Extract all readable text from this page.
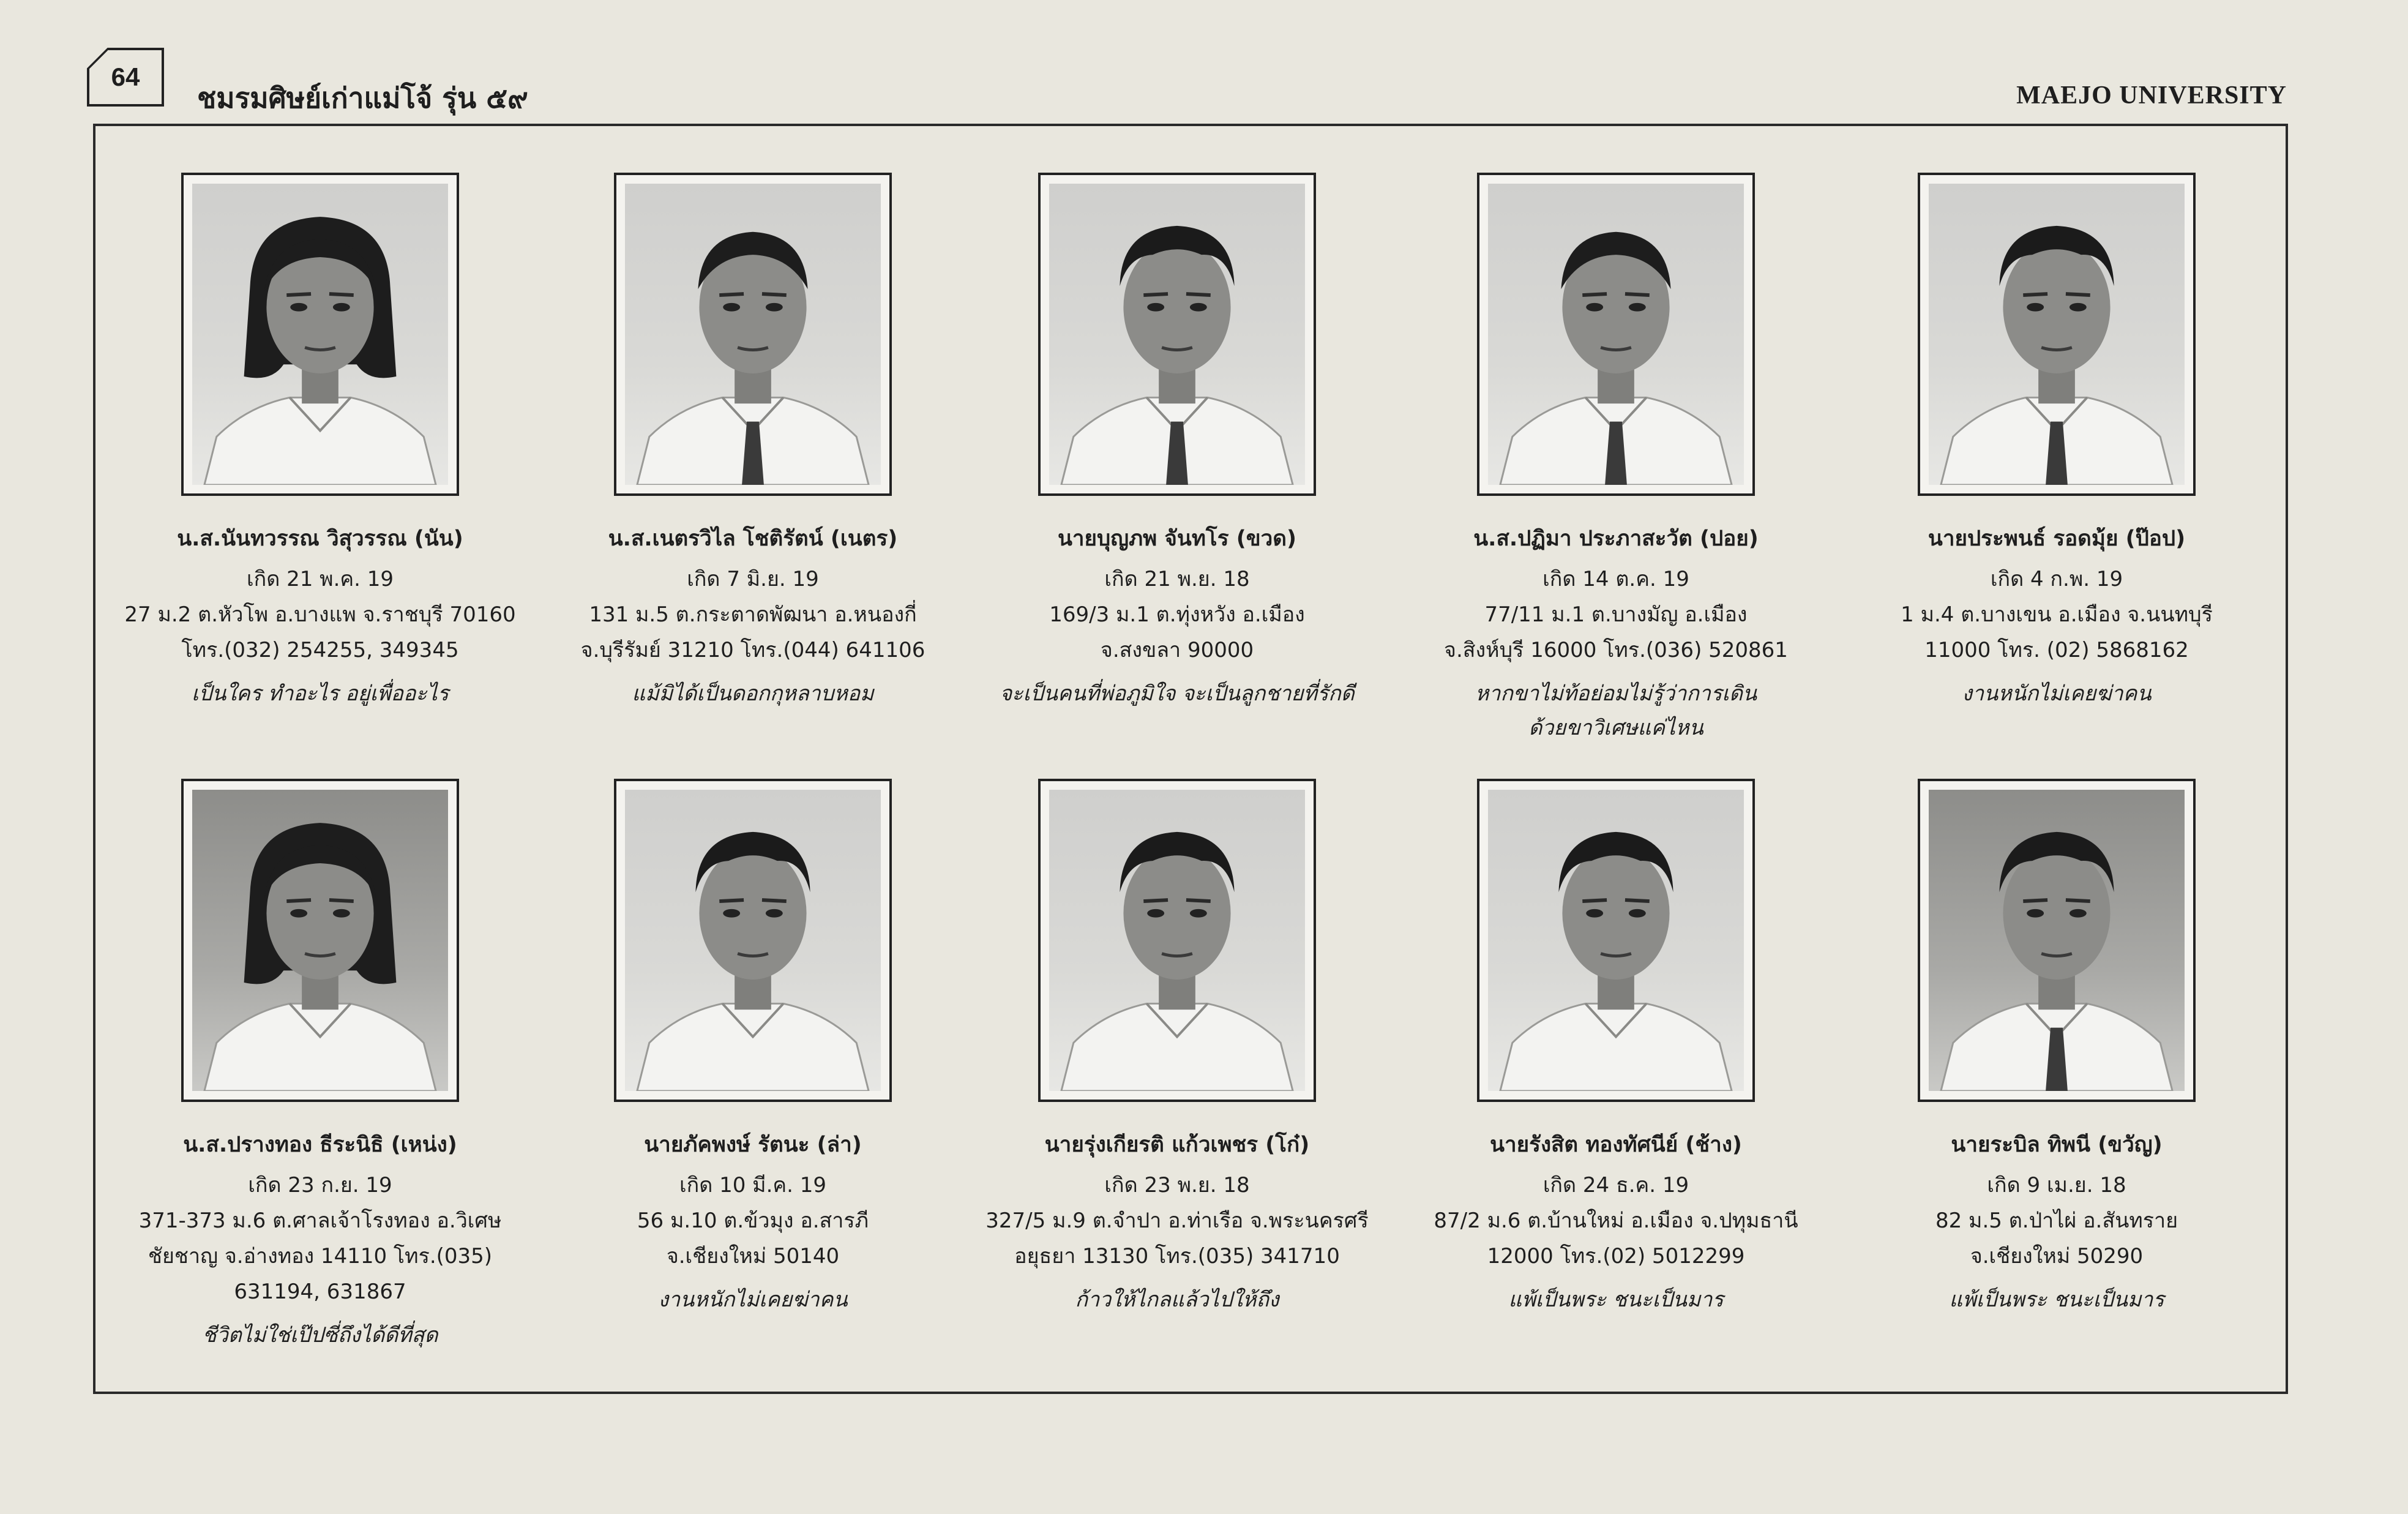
64
ชมรมศิษย์เก่าแม่โจ้ รุ่น ๕๙	MAEJO UNIVERSITY
น.ส.นันทวรรณ วิสุวรรณ (นัน)
เกิด 21 พ.ค. 19
27 ม.2 ต.หัวโพ อ.บางแพ จ.ราชบุรี 70160
โทร.(032) 254255, 349345
เป็นใคร ทำอะไร อยู่เพื่ออะไร
น.ส.เนตรวิไล โชติรัตน์ (เนตร)
เกิด 7 มิ.ย. 19
131 ม.5 ต.กระตาดพัฒนา อ.หนองกี่
จ.บุรีรัมย์ 31210 โทร.(044) 641106
แม้มิได้เป็นดอกกุหลาบหอม
นายบุญภพ จันทโร (ขวด)
เกิด 21 พ.ย. 18
169/3 ม.1 ต.ทุ่งหวัง อ.เมือง
จ.สงขลา 90000
จะเป็นคนที่พ่อภูมิใจ จะเป็นลูกชายที่รักดี
น.ส.ปฏิมา ประภาสะวัต (ปอย)
เกิด 14 ต.ค. 19
77/11 ม.1 ต.บางมัญ อ.เมือง
จ.สิงห์บุรี 16000 โทร.(036) 520861
หากขาไม่ท้อย่อมไม่รู้ว่าการเดิน
ด้วยขาวิเศษแค่ไหน
นายประพนธ์ รอดมุ้ย (ป๊อป)
เกิด 4 ก.พ. 19
1 ม.4 ต.บางเขน อ.เมือง จ.นนทบุรี
11000 โทร. (02) 5868162
งานหนักไม่เคยฆ่าคน
น.ส.ปรางทอง ธีระนิธิ (เหน่ง)
เกิด 23 ก.ย. 19
371-373 ม.6 ต.ศาลเจ้าโรงทอง อ.วิเศษ
ชัยชาญ จ.อ่างทอง 14110 โทร.(035)
631194, 631867
ชีวิตไม่ใช่เป๊ปซี่ถึงได้ดีที่สุด
นายภัคพงษ์ รัตนะ (ล่า)
เกิด 10 มี.ค. 19
56 ม.10 ต.ข้วมุง อ.สารภี
จ.เชียงใหม่ 50140
งานหนักไม่เคยฆ่าคน
นายรุ่งเกียรติ แก้วเพชร (โก๋)
เกิด 23 พ.ย. 18
327/5 ม.9 ต.จำปา อ.ท่าเรือ จ.พระนครศรี
อยุธยา 13130 โทร.(035) 341710
ก้าวให้ไกลแล้วไปให้ถึง
นายรังสิต ทองทัศนีย์ (ช้าง)
เกิด 24 ธ.ค. 19
87/2 ม.6 ต.บ้านใหม่ อ.เมือง จ.ปทุมธานี
12000 โทร.(02) 5012299
แพ้เป็นพระ ชนะเป็นมาร
นายระบิล ทิพนี (ขวัญ)
เกิด 9 เม.ย. 18
82 ม.5 ต.ป่าไผ่ อ.สันทราย
จ.เชียงใหม่ 50290
แพ้เป็นพระ ชนะเป็นมาร
